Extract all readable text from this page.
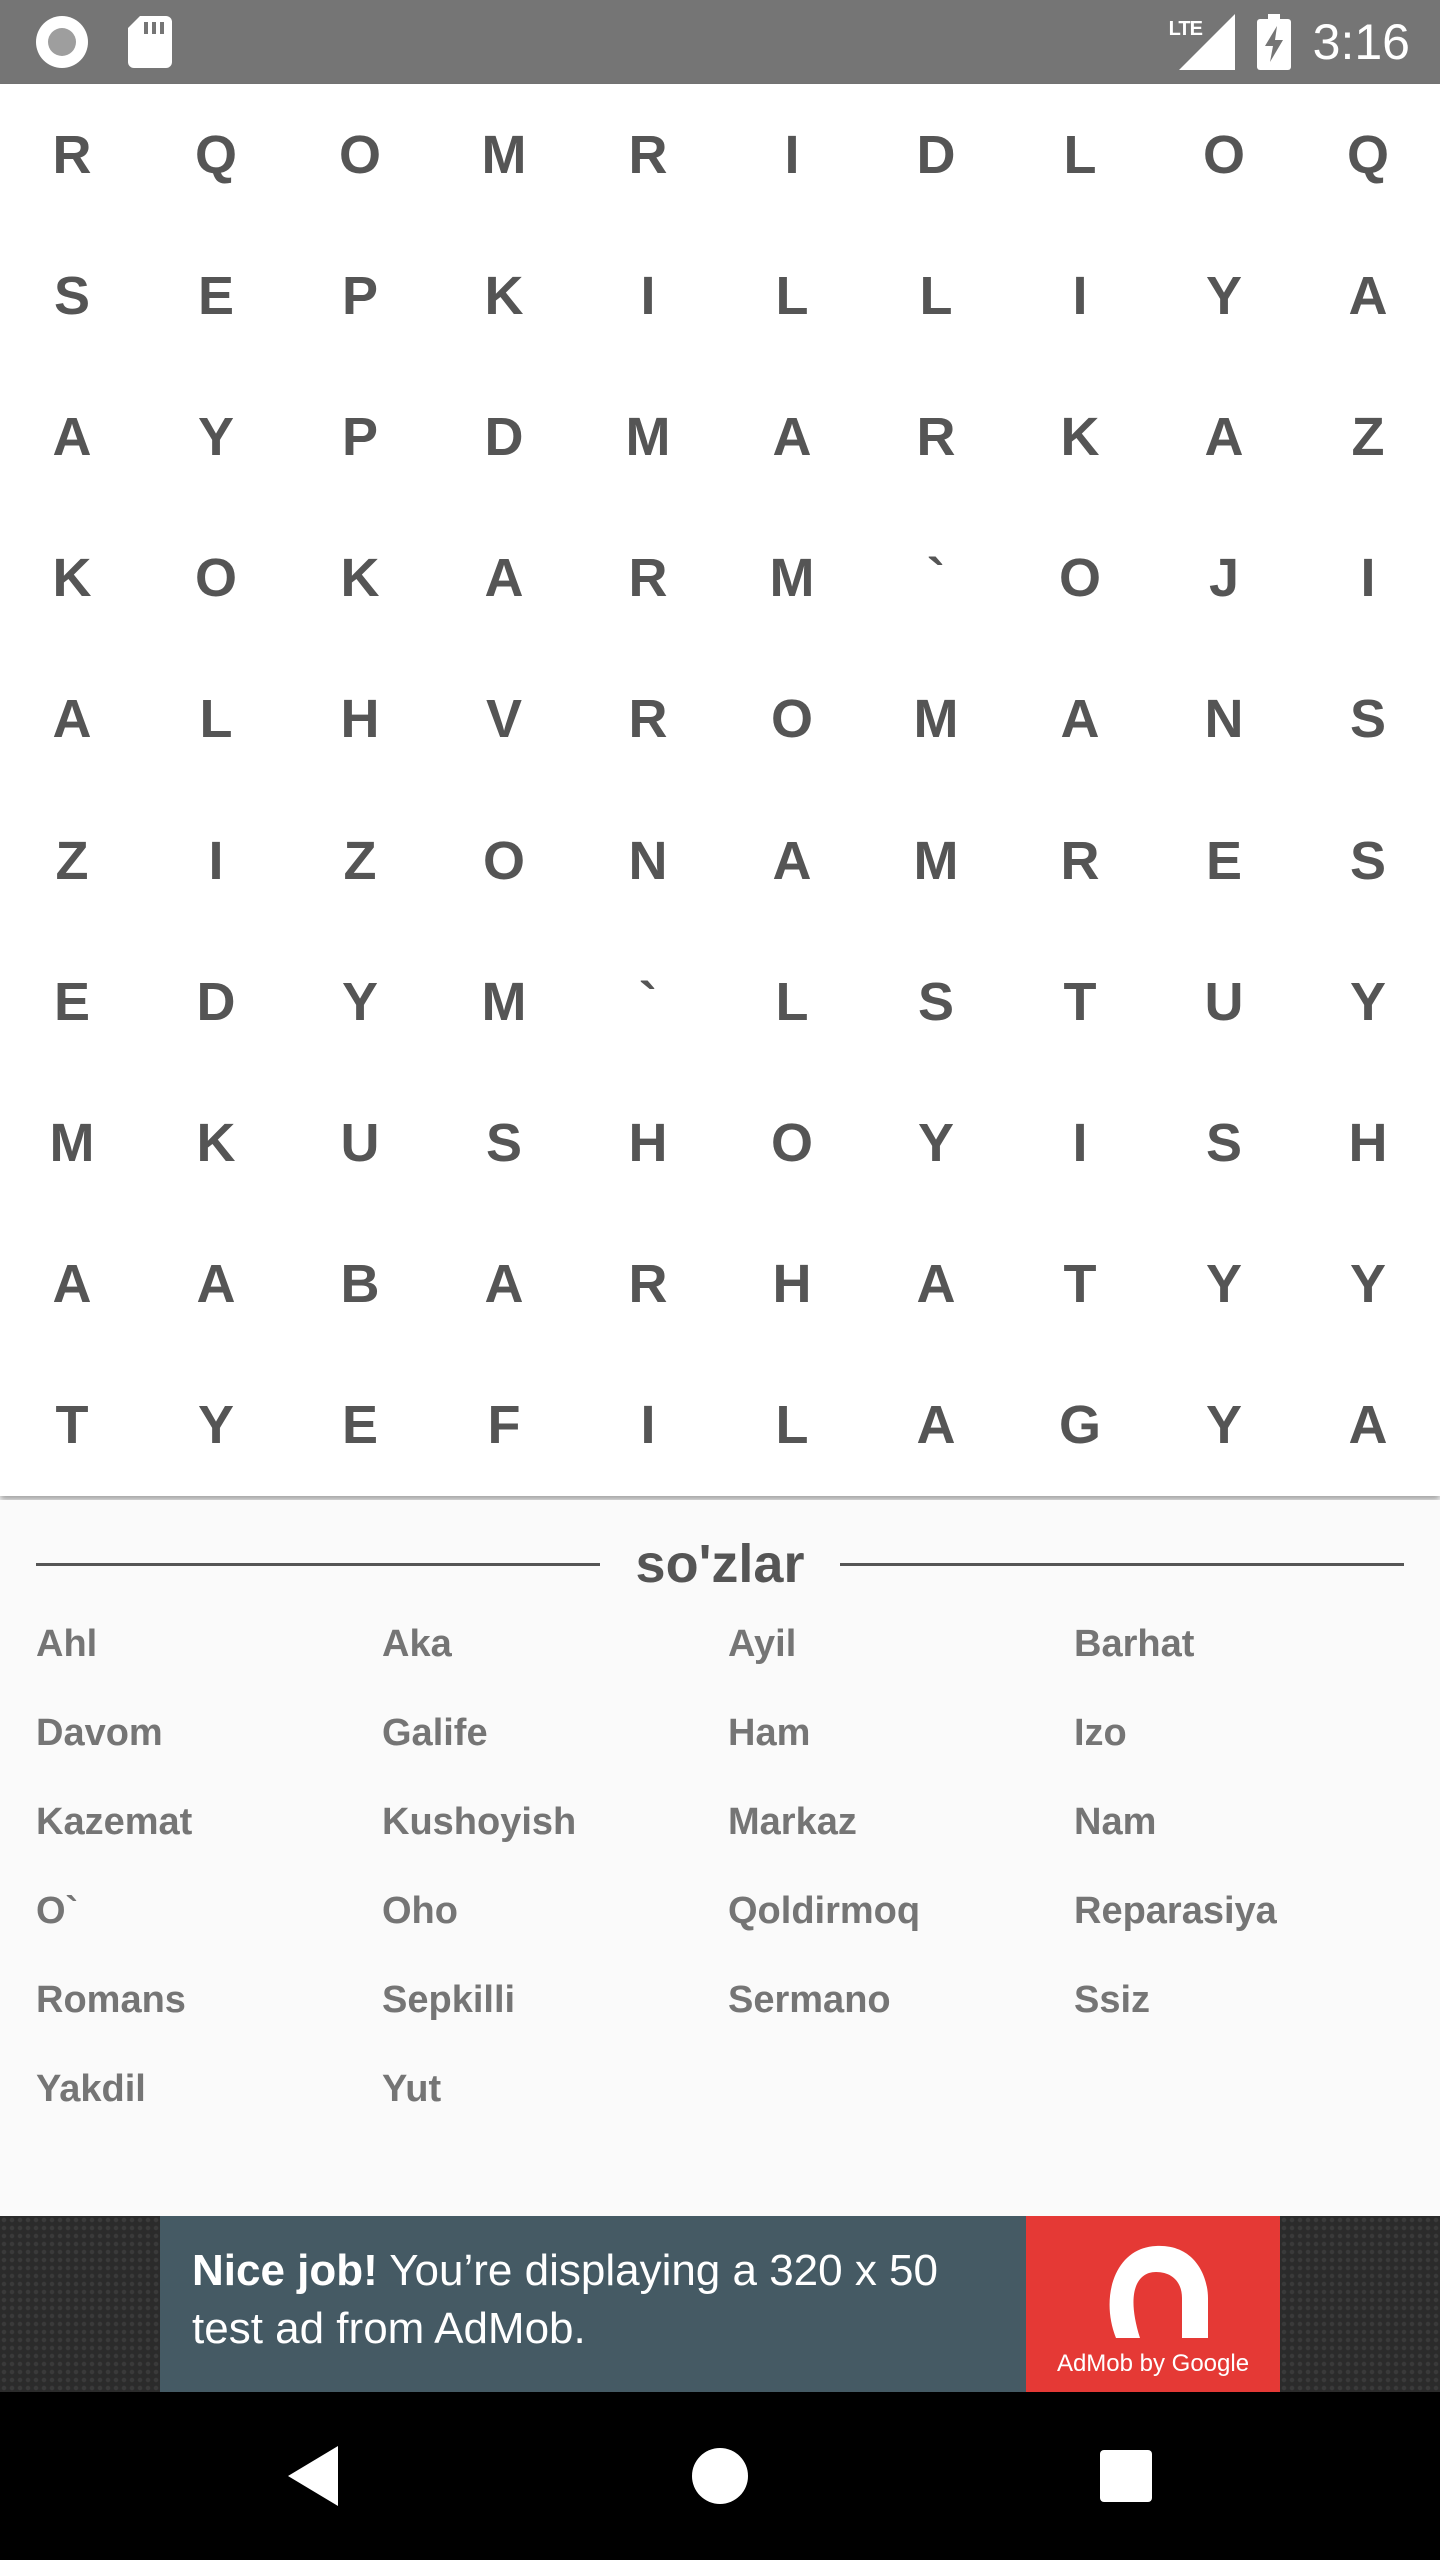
LTE 3:16
R	Q	O	M	R	I	D	L	O	Q
S	E	P	K	I	L	L	I	Y	A
A	Y	P	D	M	A	R	K	A	Z
K	O	K	A	R	M	`	O	J	I
A	L	H	V	R	O	M	A	N	S
Z	I	Z	O	N	A	M	R	E	S
E	D	Y	M	`	L	S	T	U	Y
M	K	U	S	H	O	Y	I	S	H
A	A	B	A	R	H	A	T	Y	Y
T	Y	E	F	I	L	A	G	Y	A
so'zlar
Ahl	Aka	Ayil	Barhat
Davom	Galife	Ham	Izo
Kazemat	Kushoyish	Markaz	Nam
O`	Oho	Qoldirmoq	Reparasiya
Romans	Sepkilli	Sermano	Ssiz
Yakdil	Yut
Nice job! You’re displaying a 320 x 50 test ad from AdMob.
AdMob by Google
